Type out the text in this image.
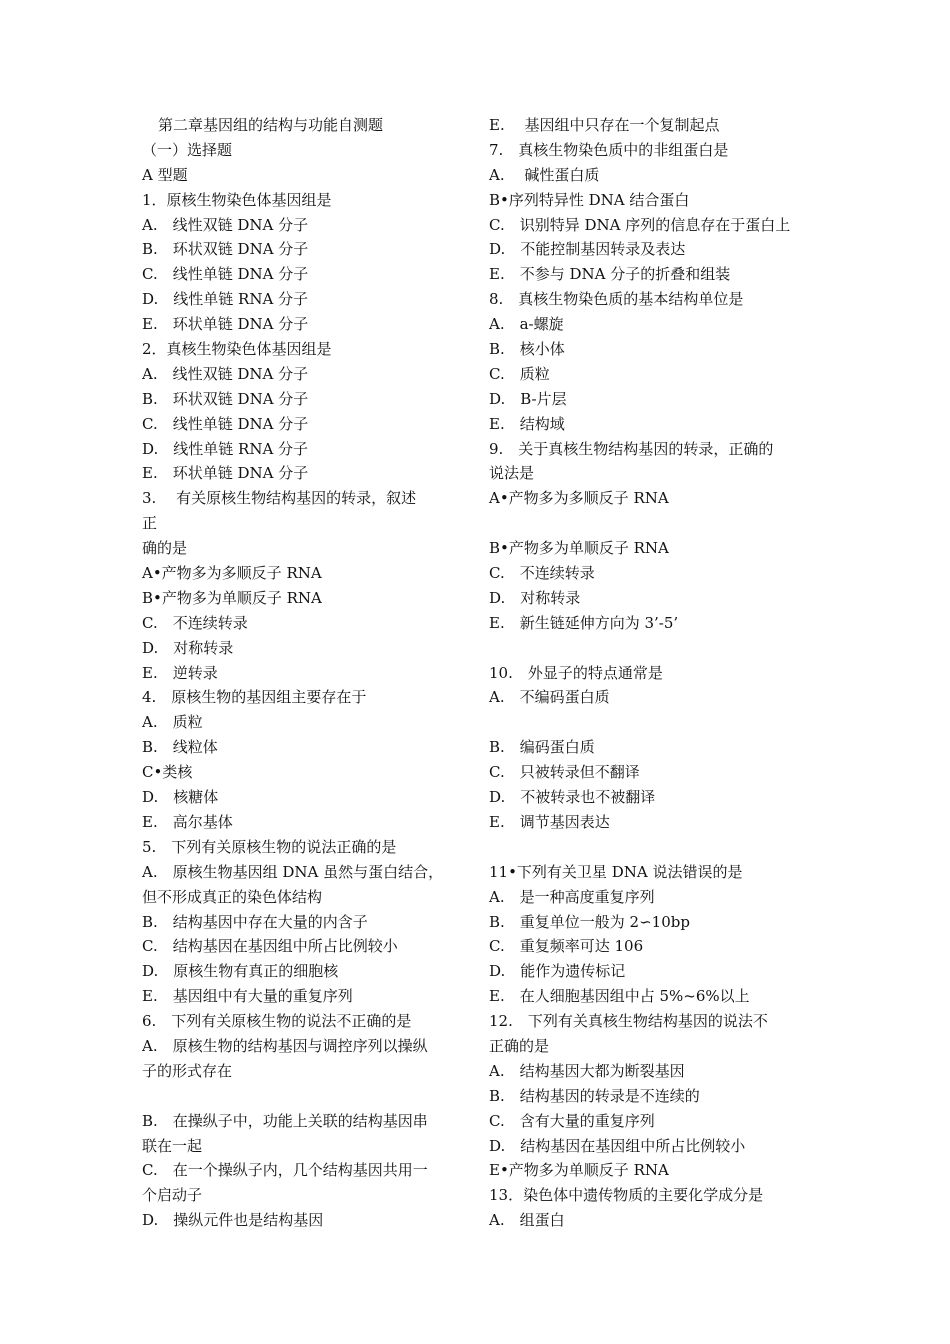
第二章基因组的结构与功能自测题
（一）选择题
A 型题
1．原核生物染色体基因组是
A.　线性双链 DNA 分子
B.　环状双链 DNA 分子
C.　线性单链 DNA 分子
D.　线性单链 RNA 分子
E.　环状单链 DNA 分子
2．真核生物染色体基因组是
A.　线性双链 DNA 分子
B.　环状双链 DNA 分子
C.　线性单链 DNA 分子
D.　线性单链 RNA 分子
E.　环状单链 DNA 分子
3.　 有关原核生物结构基因的转录，叙述
正
确的是
A•产物多为多顺反子 RNA
B•产物多为单顺反子 RNA
C.　不连续转录
D.　对称转录
E.　逆转录
4.　原核生物的基因组主要存在于
A.　质粒
B.　线粒体
C•类核
D.　核糖体
E.　高尔基体
5.　下列有关原核生物的说法正确的是
A.　原核生物基因组 DNA 虽然与蛋白结合，
但不形成真正的染色体结构
B.　结构基因中存在大量的内含子
C.　结构基因在基因组中所占比例较小
D.　原核生物有真正的细胞核
E.　基因组中有大量的重复序列
6.　下列有关原核生物的说法不正确的是
A.　原核生物的结构基因与调控序列以操纵
子的形式存在
B.　在操纵子中，功能上关联的结构基因串
联在一起
C.　在一个操纵子内，几个结构基因共用一
个启动子
D.　操纵元件也是结构基因
E.　 基因组中只存在一个复制起点
7.　真核生物染色质中的非组蛋白是
A.　 碱性蛋白质
B•序列特异性 DNA 结合蛋白
C.　识别特异 DNA 序列的信息存在于蛋白上
D.　不能控制基因转录及表达
E.　不参与 DNA 分子的折叠和组装
8.　真核生物染色质的基本结构单位是
A.　a-螺旋
B.　核小体
C.　质粒
D.　B-片层
E.　结构域
9.　关于真核生物结构基因的转录，正确的
说法是
A•产物多为多顺反子 RNA
B•产物多为单顺反子 RNA
C.　不连续转录
D.　对称转录
E.　新生链延伸方向为 3’-5’
10.　外显子的特点通常是
A.　不编码蛋白质
B.　编码蛋白质
C.　只被转录但不翻译
D.　不被转录也不被翻译
E.　调节基因表达
11•下列有关卫星 DNA 说法错误的是
A.　是一种高度重复序列
B.　重复单位一般为 2∽10bp
C.　重复频率可达 106
D.　能作为遗传标记
E.　在人细胞基因组中占 5%~6%以上
12.　下列有关真核生物结构基因的说法不
正确的是
A.　结构基因大都为断裂基因
B.　结构基因的转录是不连续的
C.　含有大量的重复序列
D.　结构基因在基因组中所占比例较小
E•产物多为单顺反子 RNA
13．染色体中遗传物质的主要化学成分是
A.　组蛋白
